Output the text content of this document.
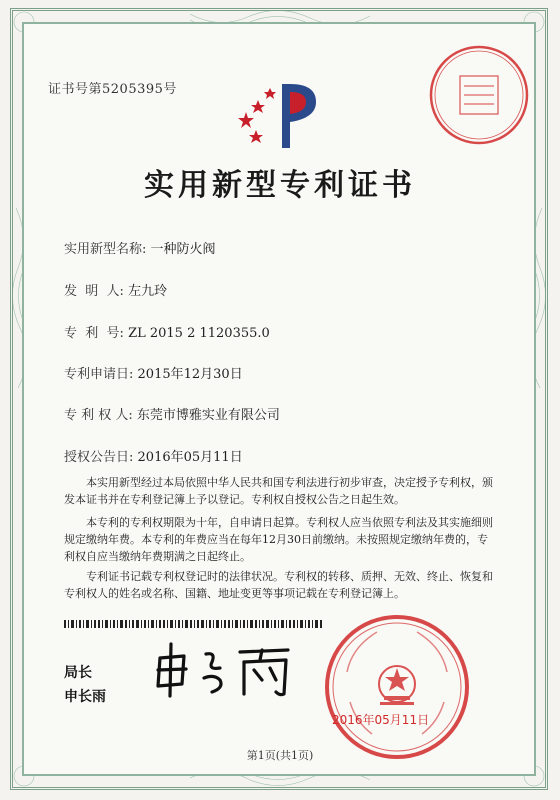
证书号第5205395号
实用新型专利证书
实用新型名称: 一种防火阀
发  明  人: 左九玲
专  利  号: ZL 2015 2 1120355.0
专利申请日: 2015年12月30日
专 利 权 人: 东莞市博雅实业有限公司
授权公告日: 2016年05月11日
本实用新型经过本局依照中华人民共和国专利法进行初步审查，决定授予专利权，颁
发本证书并在专利登记簿上予以登记。专利权自授权公告之日起生效。
本专利的专利权期限为十年，自申请日起算。专利权人应当依照专利法及其实施细则
规定缴纳年费。本专利的年费应当在每年12月30日前缴纳。未按照规定缴纳年费的，专
利权自应当缴纳年费期满之日起终止。
专利证书记载专利权登记时的法律状况。专利权的转移、质押、无效、终止、恢复和
专利权人的姓名或名称、国籍、地址变更等事项记载在专利登记簿上。
局长
申长雨
2016年05月11日
第1页(共1页)
